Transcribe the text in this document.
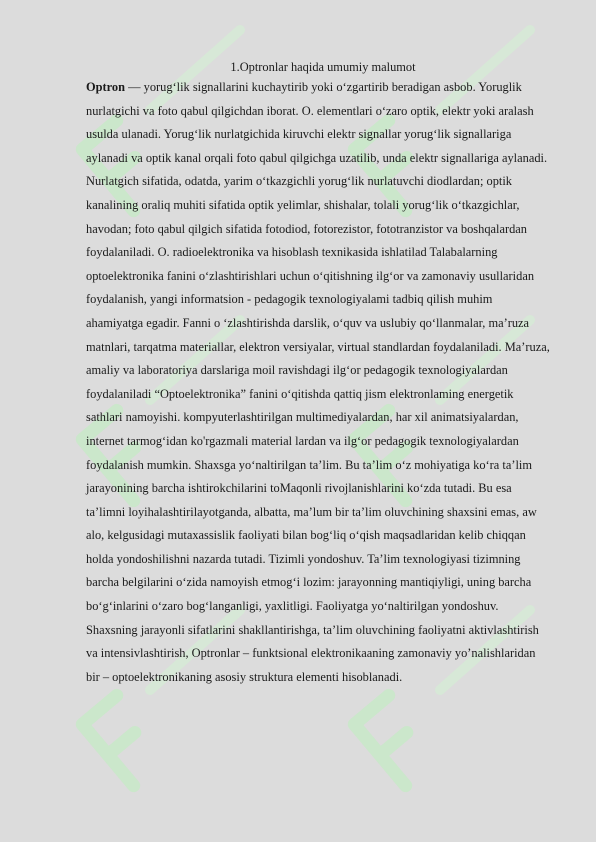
1.Optronlar haqida umumiy malumot

Optron — yorug‘lik signallarini kuchaytirib yoki o‘zgartirib beradigan asbob. Yoruglik nurlatgichi va foto qabul qilgichdan iborat. O. elementlari o‘zaro optik, elektr yoki aralash usulda ulanadi. Yorug‘lik nurlatgichida kiruvchi elektr signallar yorug‘lik signallariga aylanadi va optik kanal orqali foto qabul qilgichga uzatilib, unda elektr signallariga aylanadi. Nurlatgich sifatida, odatda, yarim o‘tkazgichli yorug‘lik nurlatuvchi diodlardan; optik kanalining oraliq muhiti sifatida optik yelimlar, shishalar, tolali yorug‘lik o‘tkazgichlar, havodan; foto qabul qilgich sifatida fotodiod, fotorezistor, fototranzistor va boshqalardan foydalaniladi. O. radioelektronika va hisoblash texnikasida ishlatilad Talabalarning optoelektronika fanini o‘zlashtirishlari uchun o‘qitishning ilg‘or va zamonaviy usullaridan foydalanish, yangi informatsion - pedagogik texnologiyalami tadbiq qilish muhim ahamiyatga egadir. Fanni o ‘zlashtirishda darslik, o‘quv va uslubiy qo‘llanmalar, ma’ruza matnlari, tarqatma materiallar, elektron versiyalar, virtual standlardan foydalaniladi. Ma’ruza, amaliy va laboratoriya darslariga moil ravishdagi ilg‘or pedagogik texnologiyalardan foydalaniladi “Optoelektronika” fanini o‘qitishda qattiq jism elektronlaming energetik sathlari namoyishi. kompyuterlashtirilgan multimediyalardan, har xil animatsiyalardan, internet tarmog‘idan ko'rgazmali material lardan va ilg‘or pedagogik texnologiyalardan foydalanish mumkin. Shaxsga yo‘naltirilgan ta’lim. Bu ta’lim o‘z mohiyatiga ko‘ra ta’lim jarayonining barcha ishtirokchilarini toMaqonli rivojlanishlarini ko‘zda tutadi. Bu esa ta’limni loyihalashtirilayotganda, albatta, ma’lum bir ta’lim oluvchining shaxsini emas, aw alo, kelgusidagi mutaxassislik faoliyati bilan bog‘liq o‘qish maqsadlaridan kelib chiqqan holda yondoshilishni nazarda tutadi. Tizimli yondoshuv. Ta’lim texnologiyasi tizimning barcha belgilarini o‘zida namoyish etmog‘i lozim: jarayonning mantiqiyligi, uning barcha bo‘g‘inlarini o‘zaro bog‘langanligi, yaxlitligi. Faoliyatga yo‘naltirilgan yondoshuv. Shaxsning jarayonli sifatlarini shakllantirishga, ta’lim oluvchining faoliyatni aktivlashtirish va intensivlashtirish, Optronlar – funktsional elektronikaaning zamonaviy yo’nalishlaridan bir – optoelektronikaning asosiy struktura elementi hisoblanadi.
